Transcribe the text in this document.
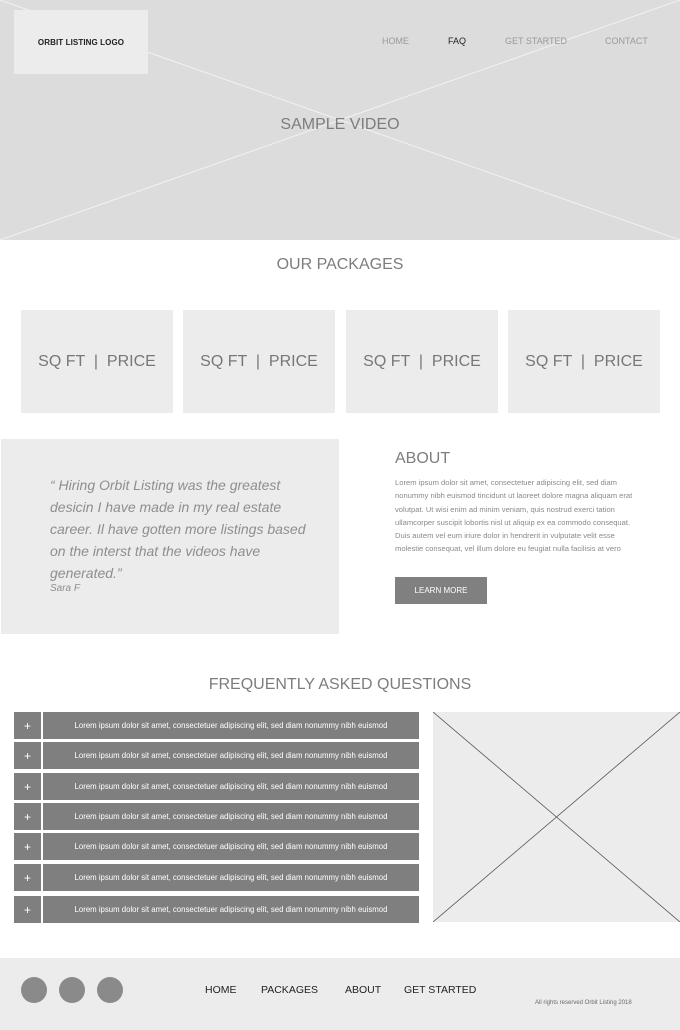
ORBIT LISTING LOGO	HOME	FAQ	GET STARTED	CONTACT
SAMPLE VIDEO
OUR PACKAGES
SQ FT  |  PRICE	SQ FT  |  PRICE	SQ FT  |  PRICE	SQ FT  |  PRICE
“ Hiring Orbit Listing was the greatest desicin I have made in my real estate career. Il have gotten more listings based on the interst that the videos have generated.”
Sara F
ABOUT
Lorem ipsum dolor sit amet, consectetuer adipiscing elit, sed diam nonummy nibh euismod tincidunt ut laoreet dolore magna aliquam erat volutpat. Ut wisi enim ad minim veniam, quis nostrud exerci tation ullamcorper suscipit lobortis nisl ut aliquip ex ea commodo consequat. Duis autem vel eum iriure dolor in hendrerit in vulputate velit esse molestie consequat, vel illum dolore eu feugiat nulla facilisis at vero
LEARN MORE
FREQUENTLY ASKED QUESTIONS
+	Lorem ipsum dolor sit amet, consectetuer adipiscing elit, sed diam nonummy nibh euismod
+	Lorem ipsum dolor sit amet, consectetuer adipiscing elit, sed diam nonummy nibh euismod
+	Lorem ipsum dolor sit amet, consectetuer adipiscing elit, sed diam nonummy nibh euismod
+	Lorem ipsum dolor sit amet, consectetuer adipiscing elit, sed diam nonummy nibh euismod
+	Lorem ipsum dolor sit amet, consectetuer adipiscing elit, sed diam nonummy nibh euismod
+	Lorem ipsum dolor sit amet, consectetuer adipiscing elit, sed diam nonummy nibh euismod
+	Lorem ipsum dolor sit amet, consectetuer adipiscing elit, sed diam nonummy nibh euismod
HOME PACKAGES	ABOUT GET STARTED
All rights reserved Orbit Listing 2018
